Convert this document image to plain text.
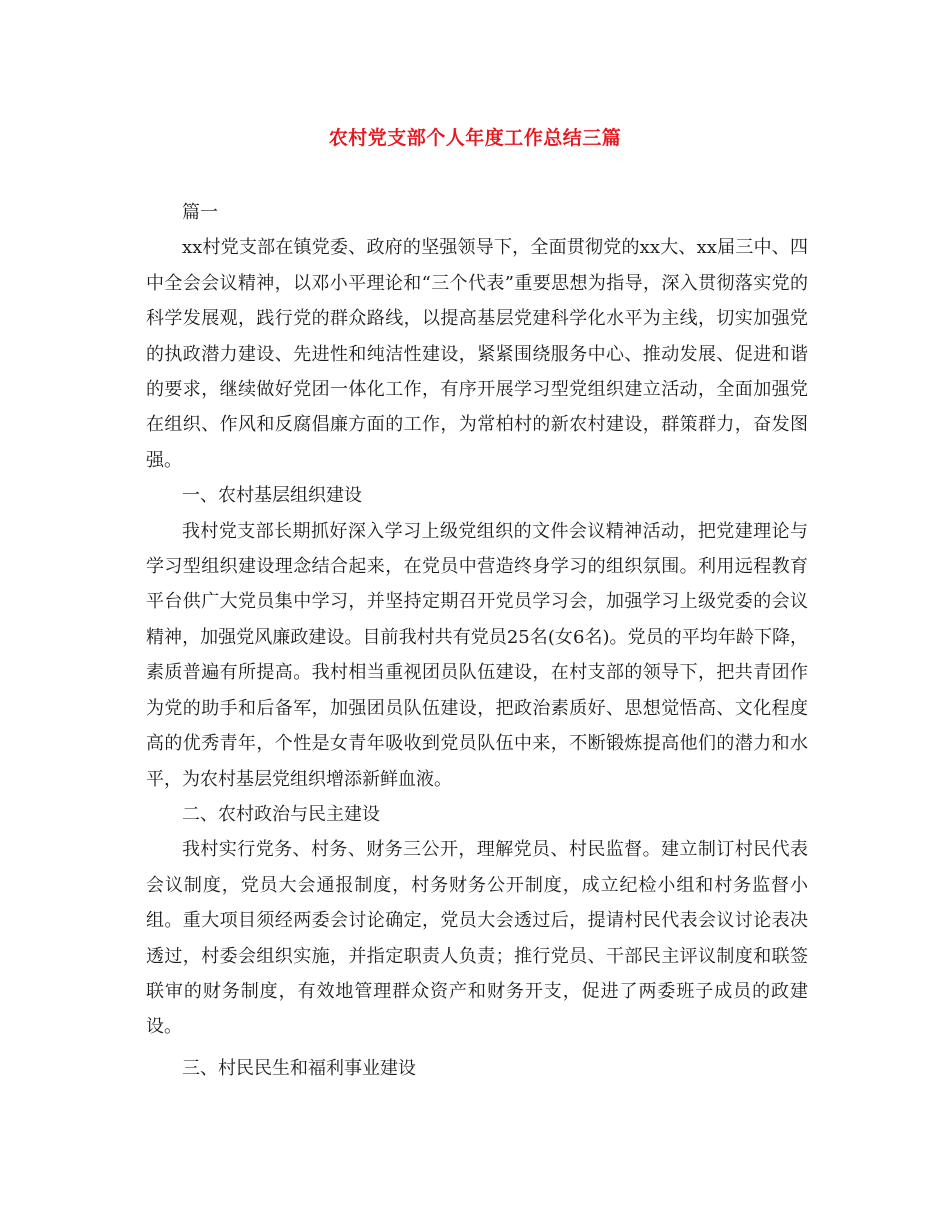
农村党支部个人年度工作总结三篇

篇一

xx村党支部在镇党委、政府的坚强领导下，全面贯彻党的xx大、xx届三中、四中全会会议精神，以邓小平理论和“三个代表”重要思想为指导，深入贯彻落实党的科学发展观，践行党的群众路线，以提高基层党建科学化水平为主线，切实加强党的执政潜力建设、先进性和纯洁性建设，紧紧围绕服务中心、推动发展、促进和谐的要求，继续做好党团一体化工作，有序开展学习型党组织建立活动，全面加强党在组织、作风和反腐倡廉方面的工作，为常柏村的新农村建设，群策群力，奋发图强。

一、农村基层组织建设

我村党支部长期抓好深入学习上级党组织的文件会议精神活动，把党建理论与学习型组织建设理念结合起来，在党员中营造终身学习的组织氛围。利用远程教育平台供广大党员集中学习，并坚持定期召开党员学习会，加强学习上级党委的会议精神，加强党风廉政建设。目前我村共有党员25名(女6名)。党员的平均年龄下降，素质普遍有所提高。我村相当重视团员队伍建设，在村支部的领导下，把共青团作为党的助手和后备军，加强团员队伍建设，把政治素质好、思想觉悟高、文化程度高的优秀青年，个性是女青年吸收到党员队伍中来，不断锻炼提高他们的潜力和水平，为农村基层党组织增添新鲜血液。

二、农村政治与民主建设

我村实行党务、村务、财务三公开，理解党员、村民监督。建立制订村民代表会议制度，党员大会通报制度，村务财务公开制度，成立纪检小组和村务监督小组。重大项目须经两委会讨论确定，党员大会透过后，提请村民代表会议讨论表决透过，村委会组织实施，并指定职责人负责；推行党员、干部民主评议制度和联签联审的财务制度，有效地管理群众资产和财务开支，促进了两委班子成员的政建设。

三、村民民生和福利事业建设
